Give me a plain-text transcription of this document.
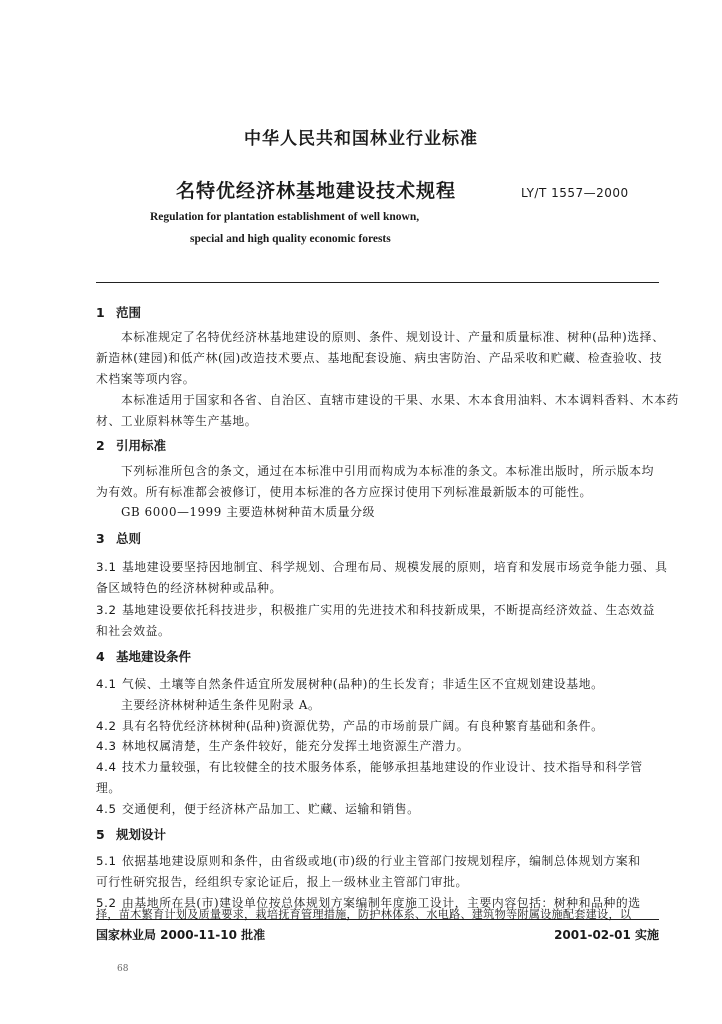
中华人民共和国林业行业标准
名特优经济林基地建设技术规程	LY/T 1557—2000
Regulation for plantation establishment of well known,
special and high quality economic forests
1 范围
本标准规定了名特优经济林基地建设的原则、条件、规划设计、产量和质量标准、树种(品种)选择、
新造林(建园)和低产林(园)改造技术要点、基地配套设施、病虫害防治、产品采收和贮藏、检查验收、技
术档案等项内容。
本标准适用于国家和各省、自治区、直辖市建设的干果、水果、木本食用油料、木本调料香料、木本药
材、工业原料林等生产基地。
2 引用标准
下列标准所包含的条文，通过在本标准中引用而构成为本标准的条文。本标准出版时，所示版本均
为有效。所有标准都会被修订，使用本标准的各方应探讨使用下列标准最新版本的可能性。
GB 6000—1999 主要造林树种苗木质量分级
3 总则
3.1 基地建设要坚持因地制宜、科学规划、合理布局、规模发展的原则，培育和发展市场竞争能力强、具
备区域特色的经济林树种或品种。
3.2 基地建设要依托科技进步，积极推广实用的先进技术和科技新成果，不断提高经济效益、生态效益
和社会效益。
4 基地建设条件
4.1 气候、土壤等自然条件适宜所发展树种(品种)的生长发育；非适生区不宜规划建设基地。
主要经济林树种适生条件见附录 A。
4.2 具有名特优经济林树种(品种)资源优势，产品的市场前景广阔。有良种繁育基础和条件。
4.3 林地权属清楚，生产条件较好，能充分发挥土地资源生产潜力。
4.4 技术力量较强，有比较健全的技术服务体系，能够承担基地建设的作业设计、技术指导和科学管
理。
4.5 交通便利，便于经济林产品加工、贮藏、运输和销售。
5 规划设计
5.1 依据基地建设原则和条件，由省级或地(市)级的行业主管部门按规划程序，编制总体规划方案和
可行性研究报告，经组织专家论证后，报上一级林业主管部门审批。
5.2 由基地所在县(市)建设单位按总体规划方案编制年度施工设计，主要内容包括：树种和品种的选
择，苗木繁育计划及质量要求，栽培抚育管理措施，防护林体系、水电路、建筑物等附属设施配套建设，以
国家林业局 2000-11-10 批准	2001-02-01 实施
68
